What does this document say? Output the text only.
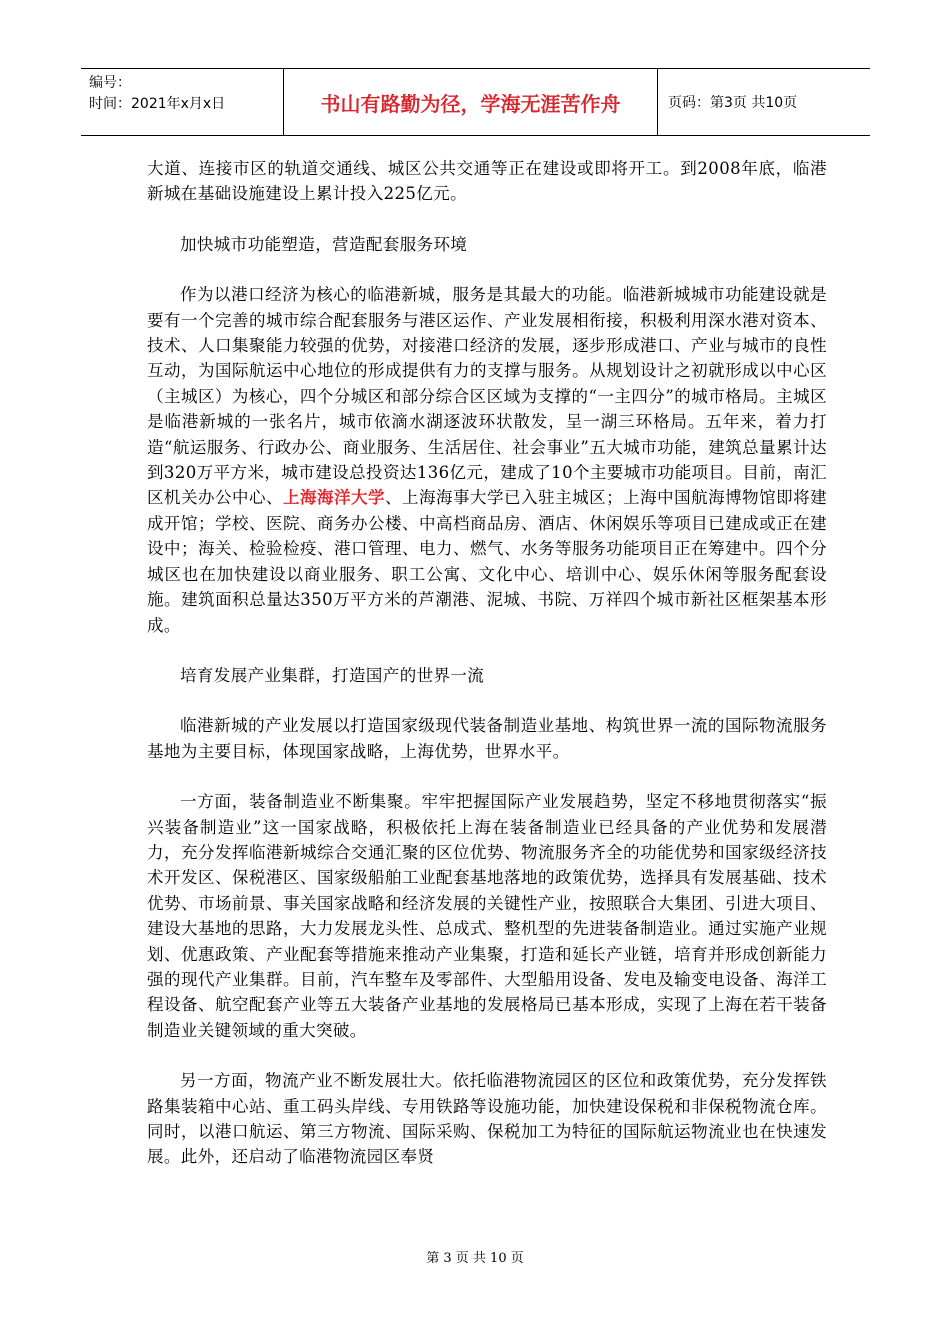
编号：
时间：2021年x月x日	书山有路勤为径，学海无涯苦作舟	页码：第3页 共10页

大道、连接市区的轨道交通线、城区公共交通等正在建设或即将开工。到2008年底，临港新城在基础设施建设上累计投入225亿元。

加快城市功能塑造，营造配套服务环境

作为以港口经济为核心的临港新城，服务是其最大的功能。临港新城城市功能建设就是要有一个完善的城市综合配套服务与港区运作、产业发展相衔接，积极利用深水港对资本、技术、人口集聚能力较强的优势，对接港口经济的发展，逐步形成港口、产业与城市的良性互动，为国际航运中心地位的形成提供有力的支撑与服务。从规划设计之初就形成以中心区（主城区）为核心，四个分城区和部分综合区区域为支撑的“一主四分”的城市格局。主城区是临港新城的一张名片，城市依滴水湖逐波环状散发，呈一湖三环格局。五年来，着力打造“航运服务、行政办公、商业服务、生活居住、社会事业”五大城市功能，建筑总量累计达到320万平方米，城市建设总投资达136亿元，建成了10个主要城市功能项目。目前，南汇区机关办公中心、上海海洋大学、上海海事大学已入驻主城区；上海中国航海博物馆即将建成开馆；学校、医院、商务办公楼、中高档商品房、酒店、休闲娱乐等项目已建成或正在建设中；海关、检验检疫、港口管理、电力、燃气、水务等服务功能项目正在筹建中。四个分城区也在加快建设以商业服务、职工公寓、文化中心、培训中心、娱乐休闲等服务配套设施。建筑面积总量达350万平方米的芦潮港、泥城、书院、万祥四个城市新社区框架基本形成。

培育发展产业集群，打造国产的世界一流

临港新城的产业发展以打造国家级现代装备制造业基地、构筑世界一流的国际物流服务基地为主要目标，体现国家战略，上海优势，世界水平。

一方面，装备制造业不断集聚。牢牢把握国际产业发展趋势，坚定不移地贯彻落实“振兴装备制造业”这一国家战略，积极依托上海在装备制造业已经具备的产业优势和发展潜力，充分发挥临港新城综合交通汇聚的区位优势、物流服务齐全的功能优势和国家级经济技术开发区、保税港区、国家级船舶工业配套基地落地的政策优势，选择具有发展基础、技术优势、市场前景、事关国家战略和经济发展的关键性产业，按照联合大集团、引进大项目、建设大基地的思路，大力发展龙头性、总成式、整机型的先进装备制造业。通过实施产业规划、优惠政策、产业配套等措施来推动产业集聚，打造和延长产业链，培育并形成创新能力强的现代产业集群。目前，汽车整车及零部件、大型船用设备、发电及输变电设备、海洋工程设备、航空配套产业等五大装备产业基地的发展格局已基本形成，实现了上海在若干装备制造业关键领域的重大突破。

另一方面，物流产业不断发展壮大。依托临港物流园区的区位和政策优势，充分发挥铁路集装箱中心站、重工码头岸线、专用铁路等设施功能，加快建设保税和非保税物流仓库。同时，以港口航运、第三方物流、国际采购、保税加工为特征的国际航运物流业也在快速发展。此外，还启动了临港物流园区奉贤

第 3 页 共 10 页
